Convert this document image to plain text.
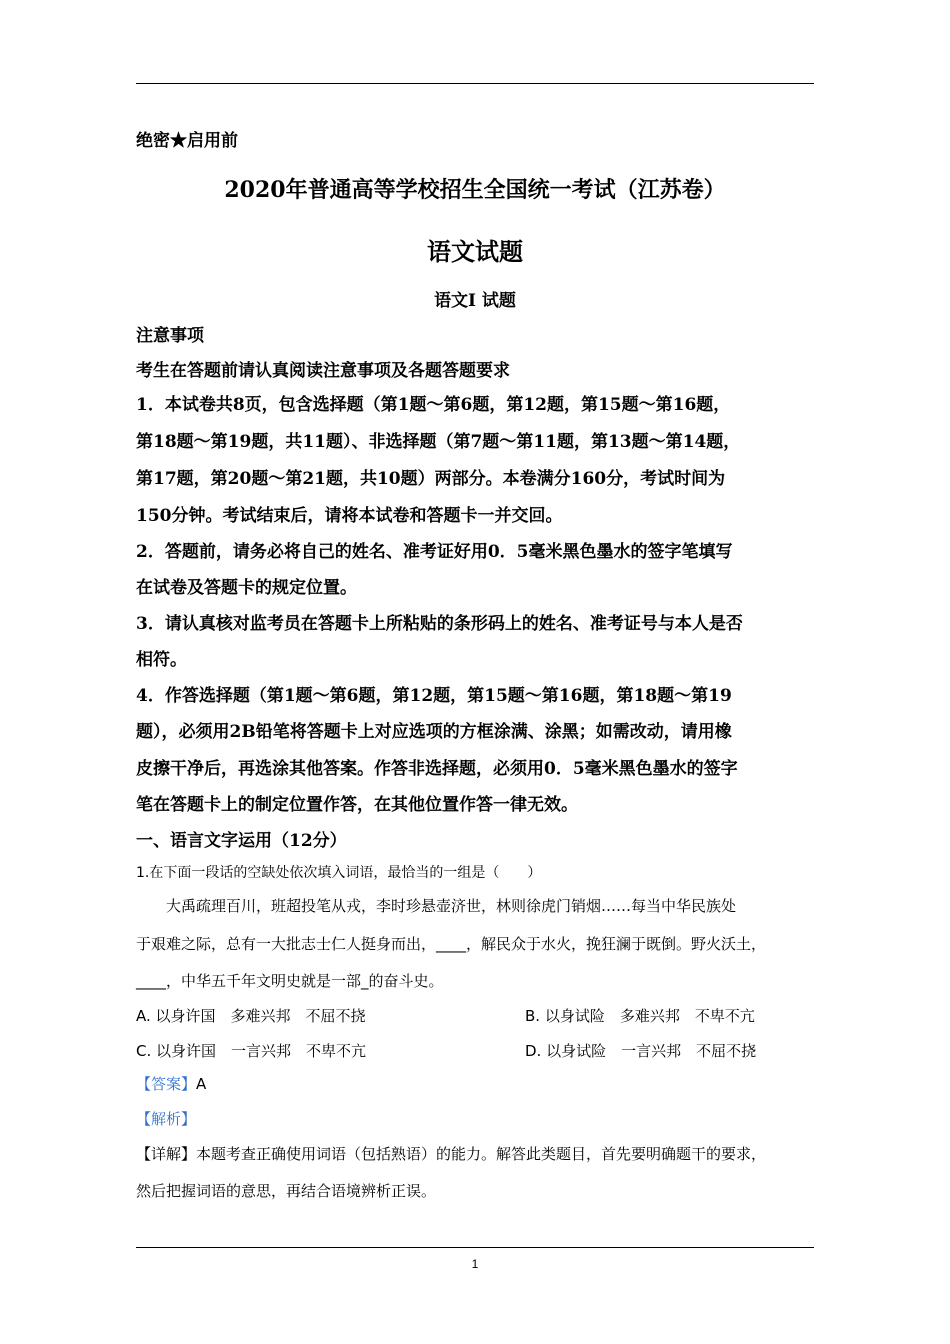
绝密★启用前
2020年普通高等学校招生全国统一考试（江苏卷）
语文试题
语文Ⅰ 试题
注意事项
考生在答题前请认真阅读注意事项及各题答题要求
1．本试卷共8页，包含选择题（第1题～第6题，第12题，第15题～第16题，
第18题～第19题，共11题）、非选择题（第7题～第11题，第13题～第14题，
第17题，第20题～第21题，共10题）两部分。本卷满分160分，考试时间为
150分钟。考试结束后，请将本试卷和答题卡一并交回。
2．答题前，请务必将自己的姓名、准考证好用0．5毫米黑色墨水的签字笔填写
在试卷及答题卡的规定位置。
3．请认真核对监考员在答题卡上所粘贴的条形码上的姓名、准考证号与本人是否
相符。
4．作答选择题（第1题～第6题，第12题，第15题～第16题，第18题～第19
题），必须用2B铅笔将答题卡上对应选项的方框涂满、涂黑；如需改动，请用橡
皮擦干净后，再选涂其他答案。作答非选择题，必须用0．5毫米黑色墨水的签字
笔在答题卡上的制定位置作答，在其他位置作答一律无效。
一、语言文字运用（12分）
1.在下面一段话的空缺处依次填入词语，最恰当的一组是（　　）
　　大禹疏理百川，班超投笔从戎，李时珍悬壶济世，林则徐虎门销烟……每当中华民族处
于艰难之际，总有一大批志士仁人挺身而出，____，解民众于水火，挽狂澜于既倒。野火沃土，
____，中华五千年文明史就是一部_的奋斗史。
A. 以身许国　多难兴邦　不屈不挠	B. 以身试险　多难兴邦　不卑不亢
C. 以身许国　一言兴邦　不卑不亢	D. 以身试险　一言兴邦　不屈不挠
【答案】A
【解析】
【详解】本题考查正确使用词语（包括熟语）的能力。解答此类题目，首先要明确题干的要求，
然后把握词语的意思，再结合语境辨析正误。
1
